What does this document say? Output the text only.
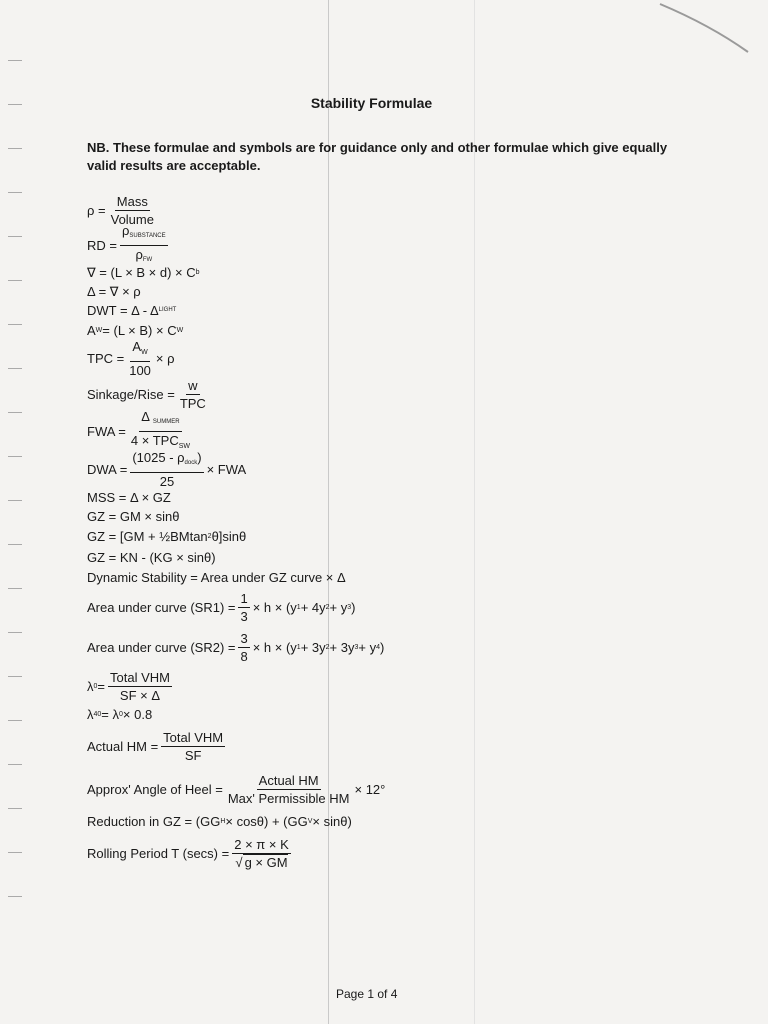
Stability Formulae
NB. These formulae and symbols are for guidance only and other formulae which give equally valid results are acceptable.
$\rho = \frac{\text{Mass}}{\text{Volume}}$
RD = $\frac{\text{ρSUBSTANCE}}{\text{ρFW}}$
∇ = (L × B × d) × C b
Δ = ∇ × ρ
DWT = Δ - Δ LIGHT
A W = (L × B) × C W
TPC = $\frac{A_W}{100} \times \rho$
Sinkage/Rise = $\frac{w}{\text{TPC}}$
FWA = $\frac{\Delta _{SUMMER}}{4 \times TPC_{SW}}$
DWA = $\frac{(1025 - \rho_{dock})}{25}$ × FWA
MSS = Δ × GZ
GZ = GM × sinθ
GZ = [GM + ½BMtan 2 θ]sinθ
GZ = KN - (KG × sinθ)
Dynamic Stability = Area under GZ curve × Δ
Area under curve $(SR1) = \frac{1}{3} \times h \times (y$ 1 + 4y 2 + y 3 )
Area under curve $(SR2) = \frac{3}{8} \times h \times (y$ 1 + 3y 2 + 3y 3 + y 4 )
λ $0 = \frac{\text{Total VHM}}{SF \times \Delta}$
λ 40 = λ 0 × 0.8
Actual HM = $\frac{\text{Total VHM}}{SF}$
Approx' Angle of Heel = $\frac{\text{Actual HM}}{\text{Max' Permissible HM}} \times 12^\circ$
Reduction in GZ = (GG H × cosθ) + (GG V × sinθ)
Rolling Period T $(\sec s) = \frac{2 \times \pi \times K}{√ g \times GM}$
Page 1 of 4
